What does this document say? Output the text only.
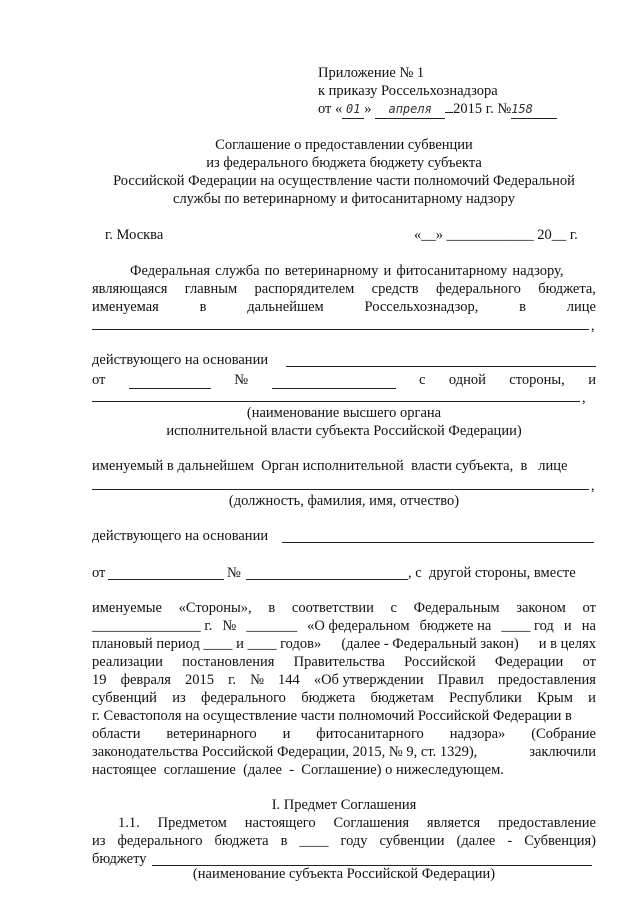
Приложение № 1
к приказу Россельхознадзора
от « 01 » апреля 2015 г. №158
Соглашение о предоставлении субвенции
из федерального бюджета бюджету субъекта
Российской Федерации на осуществление части полномочий Федеральной
службы по ветеринарному и фитосанитарному надзору
г. Москва	«__» ____________ 20__ г.
Федеральная служба по ветеринарному и фитосанитарному надзору,
являющаяся главным распорядителем средств федерального бюджета,
именуемая	в	дальнейшем	Россельхознадзор,	в	лице
,
действующего на основании
от	№	с одной стороны, и
,
(наименование высшего органа
исполнительной власти субъекта Российской Федерации)
именуемый в дальнейшем  Орган исполнительной  власти субъекта,  в   лице
,
(должность, фамилия, имя, отчество)
действующего на основании
от	№	, с  другой стороны, вместе
именуемые «Стороны», в соответствии с Федеральным законом от
_______________ г. № _______ «О федеральном бюджете на ____ год и на
плановый период ____ и ____ годов» (далее - Федеральный закон) и в целях
реализации постановления Правительства Российской Федерации от
19 февраля 2015 г. № 144 «Об утверждении Правил предоставления
субвенций из федерального бюджета бюджетам Республики Крым и
г. Севастополя на осуществление части полномочий Российской Федерации в
области ветеринарного и фитосанитарного надзора» (Собрание
законодательства Российской Федерации, 2015, № 9, ст. 1329),	заключили
настоящее  соглашение  (далее  -  Соглашение) о нижеследующем.
I. Предмет Соглашения
1.1. Предметом настоящего Соглашения является предоставление
из федерального бюджета в ____ году субвенции (далее - Субвенция)
бюджету
(наименование субъекта Российской Федерации)
